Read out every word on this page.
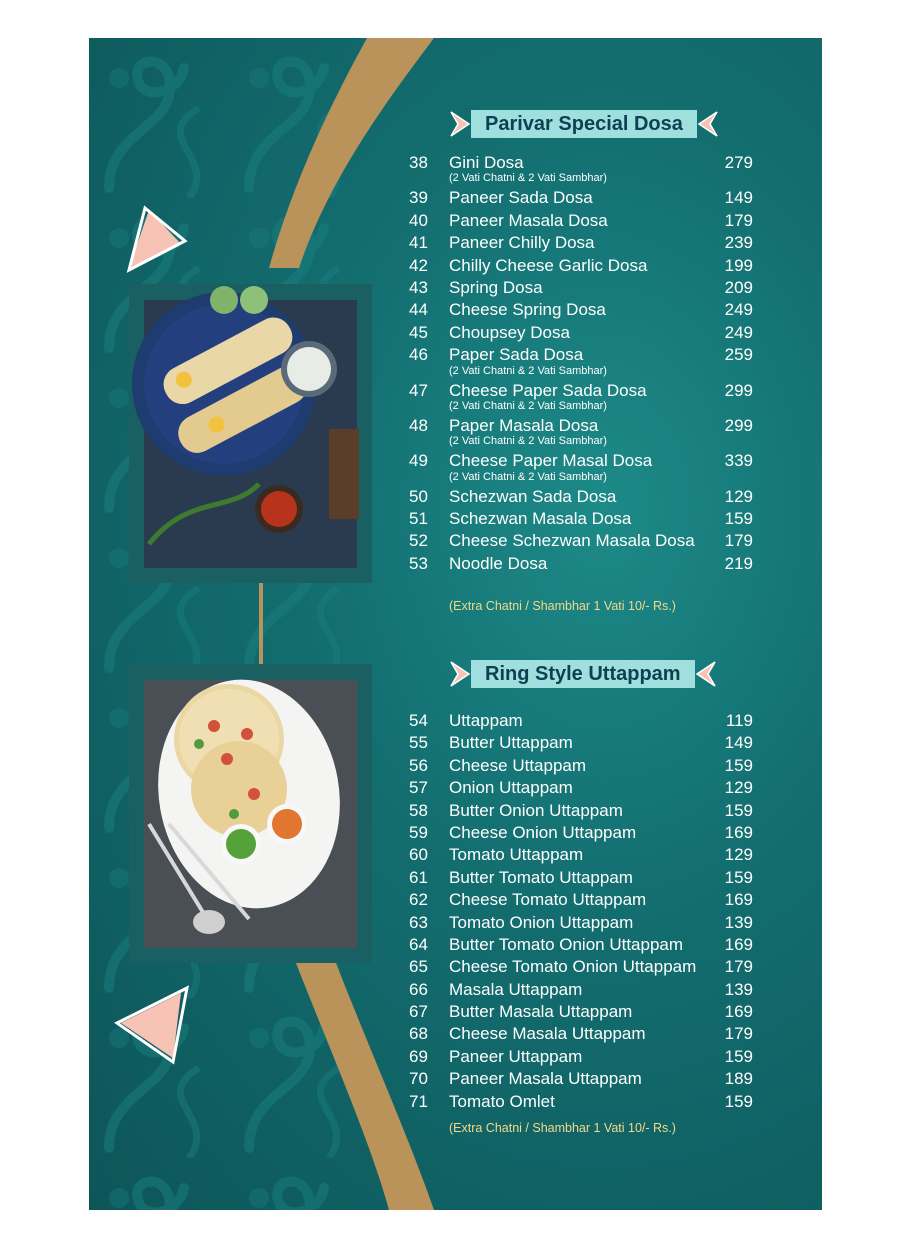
Parivar Special Dosa
38	Gini Dosa	279
(2 Vati Chatni & 2 Vati Sambhar)
39	Paneer Sada Dosa	149
40	Paneer Masala Dosa	179
41	Paneer Chilly Dosa	239
42	Chilly Cheese Garlic Dosa	199
43	Spring Dosa	209
44	Cheese Spring Dosa	249
45	Choupsey Dosa	249
46	Paper Sada Dosa	259
(2 Vati Chatni & 2 Vati Sambhar)
47	Cheese Paper Sada Dosa	299
(2 Vati Chatni & 2 Vati Sambhar)
48	Paper Masala Dosa	299
(2 Vati Chatni & 2 Vati Sambhar)
49	Cheese Paper Masal Dosa	339
(2 Vati Chatni & 2 Vati Sambhar)
50	Schezwan Sada Dosa	129
51	Schezwan Masala Dosa	159
52	Cheese Schezwan Masala Dosa	179
53	Noodle Dosa	219
(Extra Chatni / Shambhar 1 Vati 10/- Rs.)
Ring Style Uttappam
54	Uttappam	119
55	Butter Uttappam	149
56	Cheese Uttappam	159
57	Onion Uttappam	129
58	Butter Onion Uttappam	159
59	Cheese Onion Uttappam	169
60	Tomato Uttappam	129
61	Butter Tomato Uttappam	159
62	Cheese Tomato Uttappam	169
63	Tomato Onion Uttappam	139
64	Butter Tomato Onion Uttappam	169
65	Cheese Tomato Onion Uttappam	179
66	Masala Uttappam	139
67	Butter Masala Uttappam	169
68	Cheese Masala Uttappam	179
69	Paneer Uttappam	159
70	Paneer Masala Uttappam	189
71	Tomato Omlet	159
(Extra Chatni / Shambhar 1 Vati 10/- Rs.)
